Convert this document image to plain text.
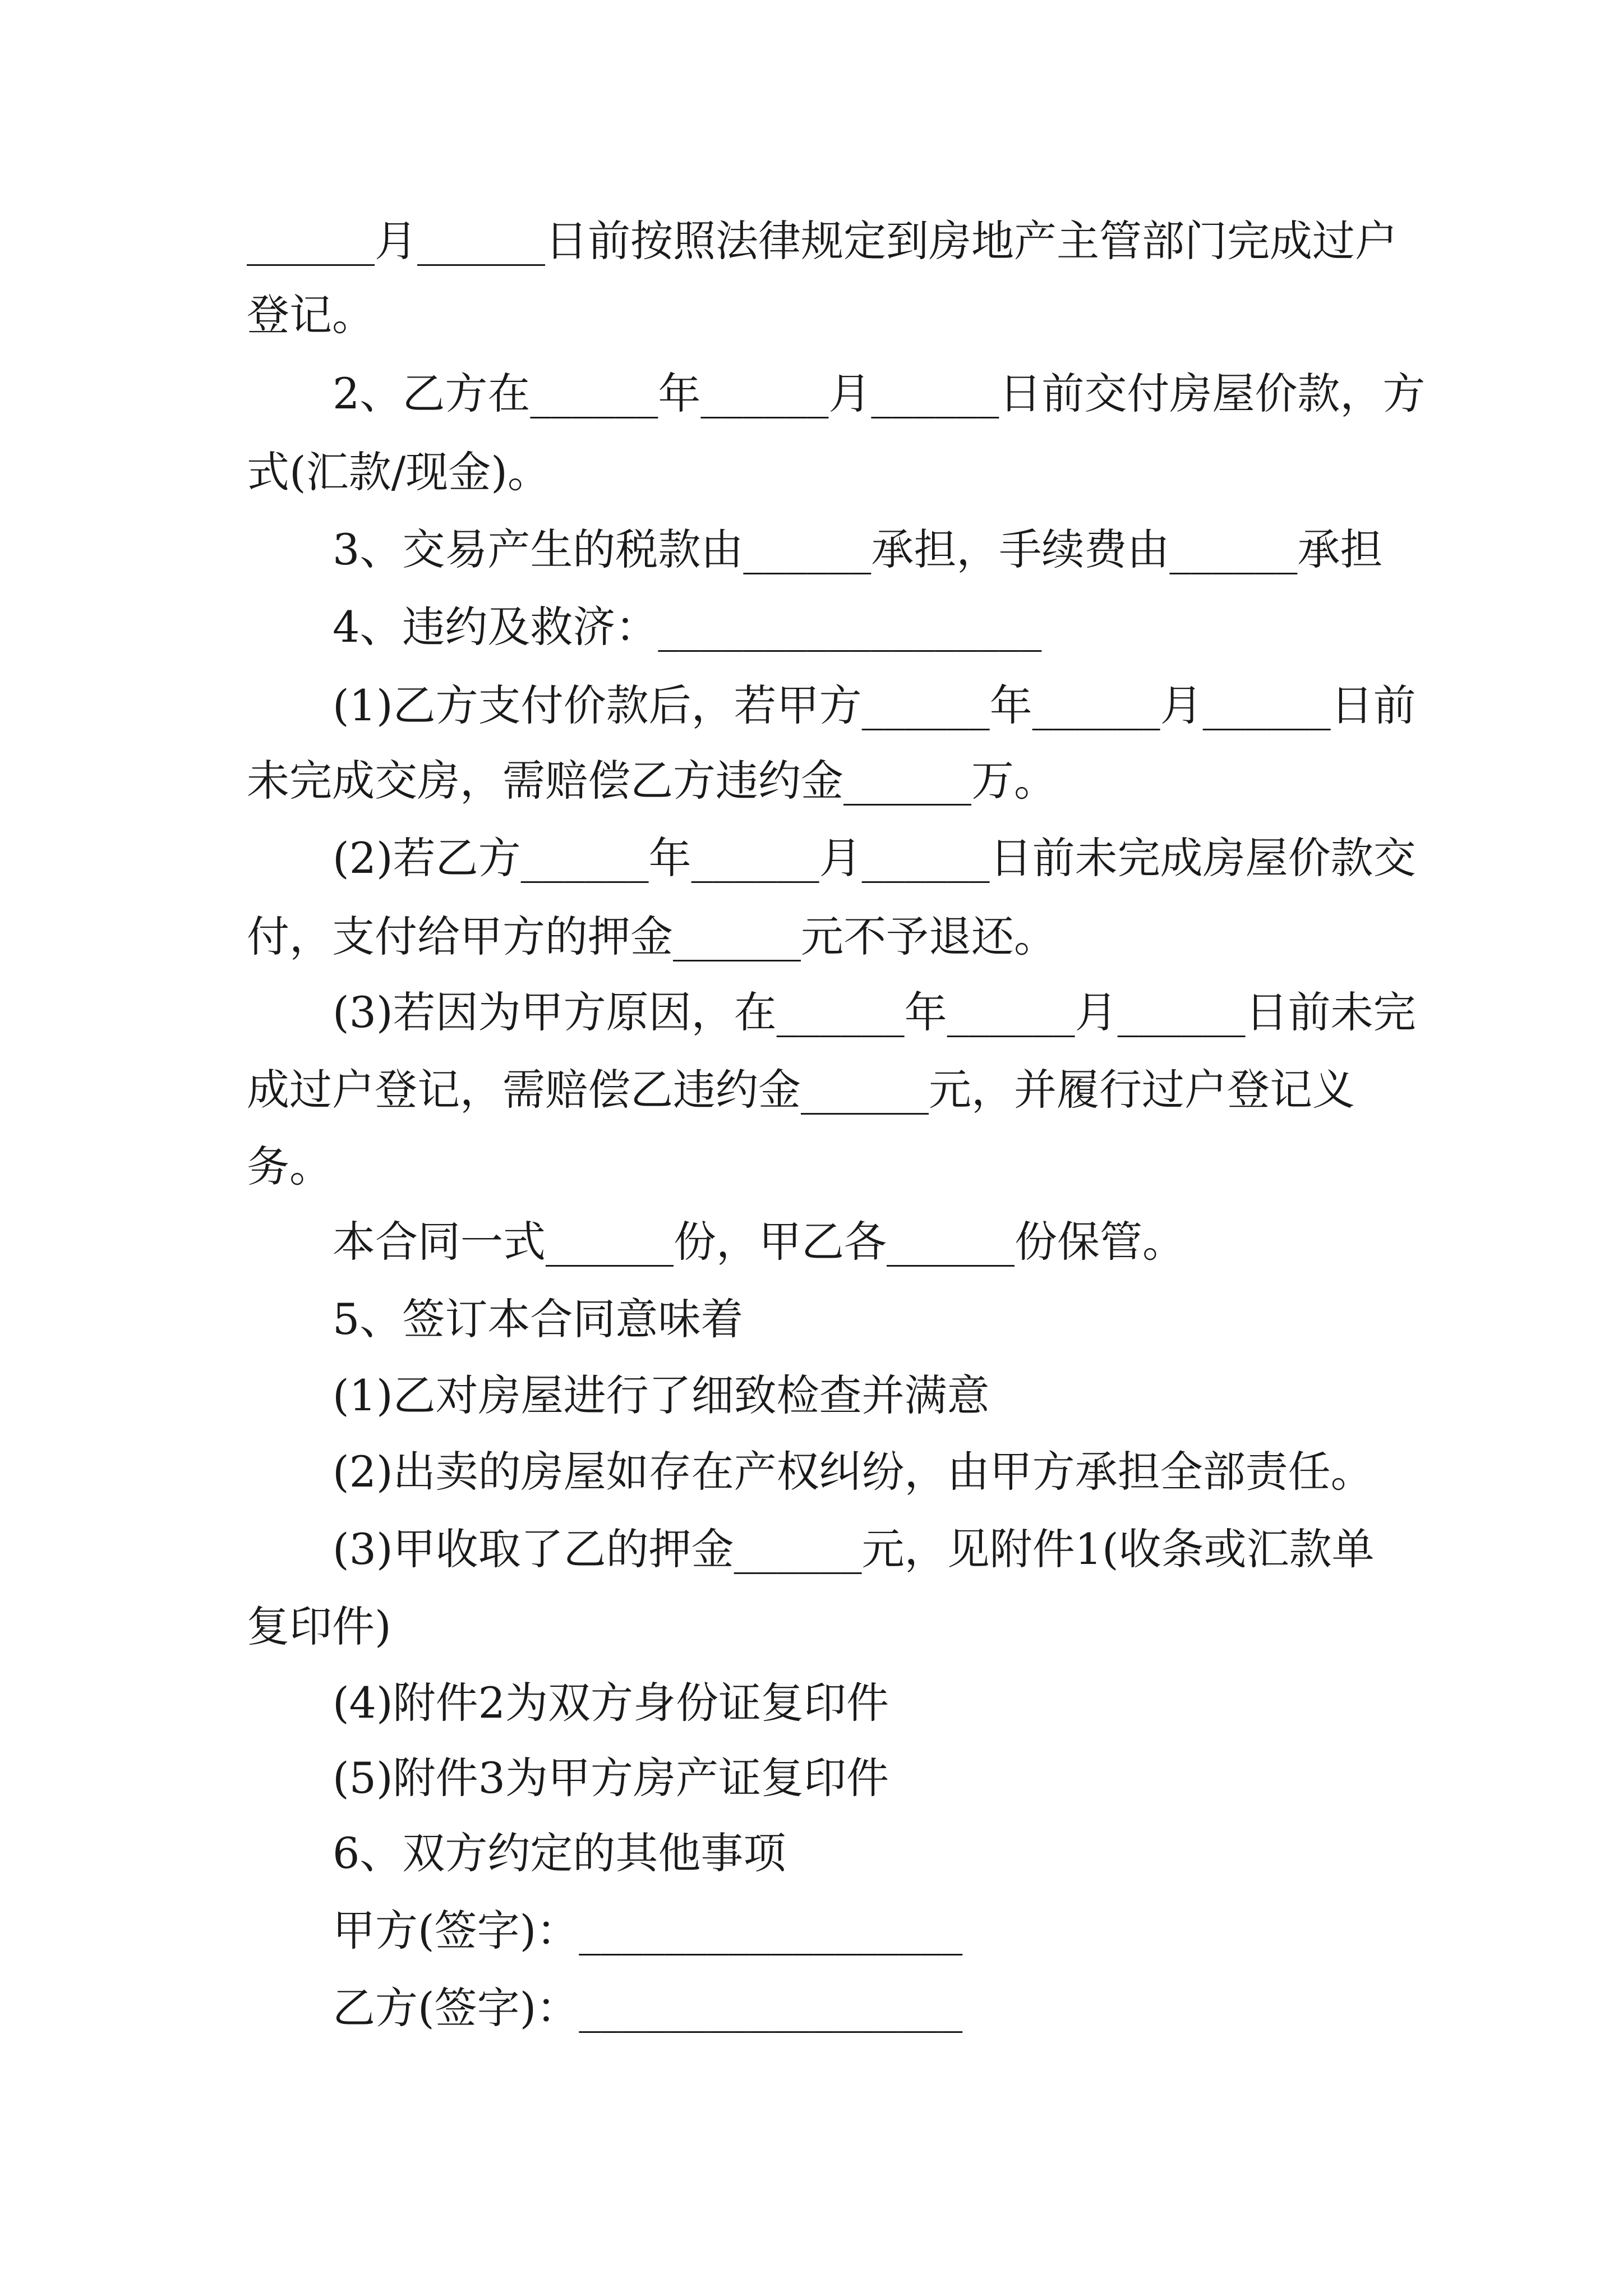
______月______日前按照法律规定到房地产主管部门完成过户
登记。
2、乙方在______年______月______日前交付房屋价款，方
式(汇款/现金)。
3、交易产生的税款由______承担，手续费由______承担
4、违约及救济：__________________
(1)乙方支付价款后，若甲方______年______月______日前
未完成交房，需赔偿乙方违约金______万。
(2)若乙方______年______月______日前未完成房屋价款交
付，支付给甲方的押金______元不予退还。
(3)若因为甲方原因，在______年______月______日前未完
成过户登记，需赔偿乙违约金______元，并履行过户登记义
务。
本合同一式______份，甲乙各______份保管。
5、签订本合同意味着
(1)乙对房屋进行了细致检查并满意
(2)出卖的房屋如存在产权纠纷，由甲方承担全部责任。
(3)甲收取了乙的押金______元，见附件1(收条或汇款单
复印件)
(4)附件2为双方身份证复印件
(5)附件3为甲方房产证复印件
6、双方约定的其他事项
甲方(签字)：__________________
乙方(签字)：__________________
